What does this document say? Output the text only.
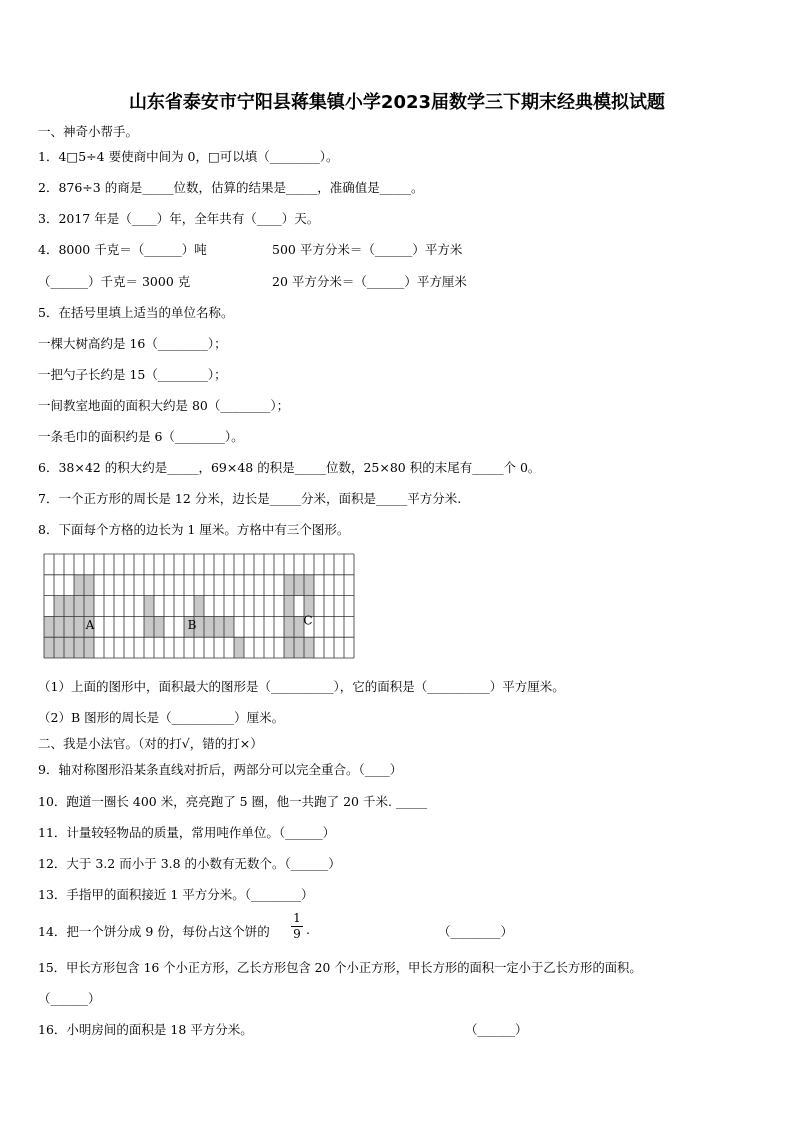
山东省泰安市宁阳县蒋集镇小学2023届数学三下期末经典模拟试题
一、神奇小帮手。
1．4□5÷4 要使商中间为 0，□可以填（________）。
2．876÷3 的商是_____位数，估算的结果是_____，准确值是_____。
3．2017 年是（____）年，全年共有（____）天。
4．8000 千克＝（______）吨	500 平方分米＝（______）平方米
（______）千克＝ 3000 克	20 平方分米＝（______）平方厘米
5．在括号里填上适当的单位名称。
一棵大树高约是 16（________）；
一把勺子长约是 15（________）；
一间教室地面的面积大约是 80（________）；
一条毛巾的面积约是 6（________）。
6．38×42 的积大约是_____，69×48 的积是_____位数，25×80 积的末尾有_____个 0。
7．一个正方形的周长是 12 分米，边长是_____分米，面积是_____平方分米.
8．下面每个方格的边长为 1 厘米。方格中有三个图形。
A	B	C
（1）上面的图形中，面积最大的图形是（__________），它的面积是（__________）平方厘米。
（2）B 图形的周长是（__________）厘米。
二、我是小法官。（对的打√，错的打×）
9．轴对称图形沿某条直线对折后，两部分可以完全重合。（____）
10．跑道一圈长 400 米，亮亮跑了 5 圈，他一共跑了 20 千米. _____
11．计量较轻物品的质量，常用吨作单位。（______）
12．大于 3.2 而小于 3.8 的小数有无数个。（______）
13．手指甲的面积接近 1 平方分米。（________）
14．把一个饼分成 9 份，每份占这个饼的
1
9 .	（________）
15．甲长方形包含 16 个小正方形，乙长方形包含 20 个小正方形，甲长方形的面积一定小于乙长方形的面积。
（______）
16．小明房间的面积是 18 平方分米。	（______）
